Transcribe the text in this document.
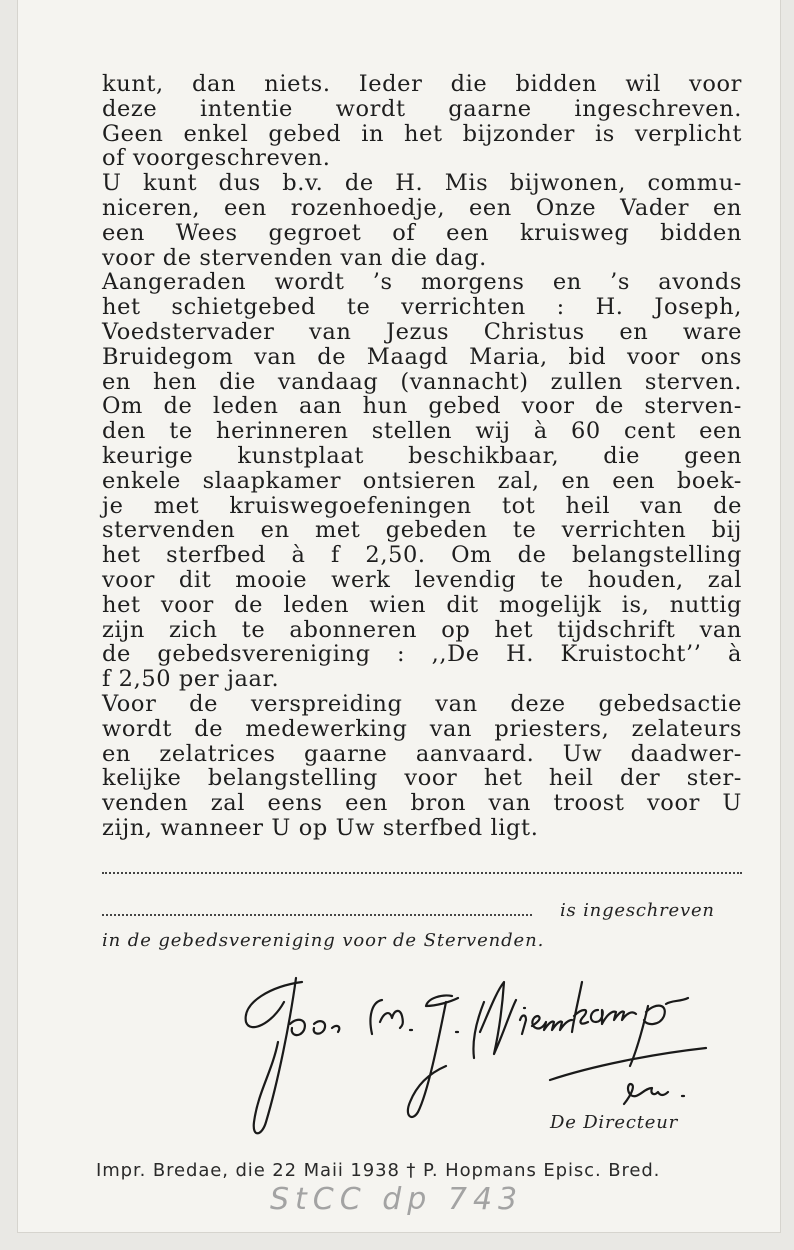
kunt, dan niets. Ieder die bidden wil voor
deze intentie wordt gaarne ingeschreven.
Geen enkel gebed in het bijzonder is verplicht
of voorgeschreven.
U kunt dus b.v. de H. Mis bijwonen, commu-
niceren, een rozenhoedje, een Onze Vader en
een Wees gegroet of een kruisweg bidden
voor de stervenden van die dag.
Aangeraden wordt ’s morgens en ’s avonds
het schietgebed te verrichten : H. Joseph,
Voedstervader van Jezus Christus en ware
Bruidegom van de Maagd Maria, bid voor ons
en hen die vandaag (vannacht) zullen sterven.
Om de leden aan hun gebed voor de sterven-
den te herinneren stellen wij à 60 cent een
keurige kunstplaat beschikbaar, die geen
enkele slaapkamer ontsieren zal, en een boek-
je met kruiswegoefeningen tot heil van de
stervenden en met gebeden te verrichten bij
het sterfbed à f 2,50. Om de belangstelling
voor dit mooie werk levendig te houden, zal
het voor de leden wien dit mogelijk is, nuttig
zijn zich te abonneren op het tijdschrift van
de gebedsvereniging : ,,De H. Kruistocht’’ à
f 2,50 per jaar.
Voor de verspreiding van deze gebedsactie
wordt de medewerking van priesters, zelateurs
en zelatrices gaarne aanvaard. Uw daadwer-
kelijke belangstelling voor het heil der ster-
venden zal eens een bron van troost voor U
zijn, wanneer U op Uw sterfbed ligt.
is ingeschreven
in de gebedsvereniging voor de Stervenden.
De Directeur
Impr. Bredae, die 22 Maii 1938 † P. Hopmans Episc. Bred.
StCC dp 743
